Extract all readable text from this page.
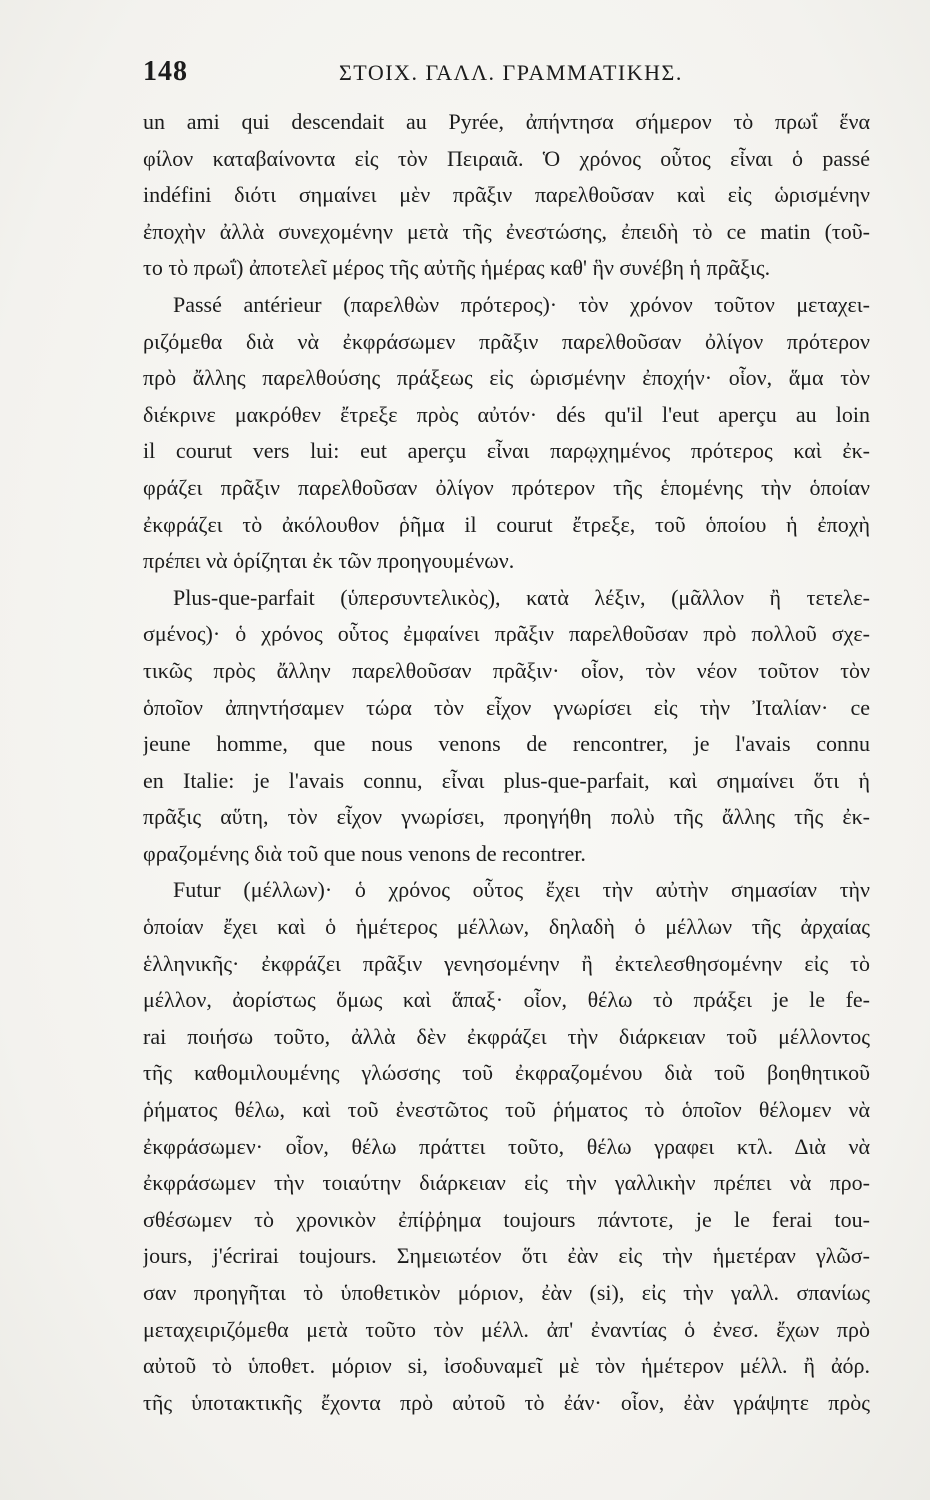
148	ΣΤΟΙΧ. ΓΑΛΛ. ΓΡΑΜΜΑΤΙΚΗΣ.
un ami qui descendait au Pyrée, ἀπήντησα σήμερον τὸ πρωΐ ἕνα
φίλον καταβαίνοντα εἰς τὸν Πειραιᾶ. Ὁ χρόνος οὗτος εἶναι ὁ passé
indéfini διότι σημαίνει μὲν πρᾶξιν παρελθοῦσαν καὶ εἰς ὡρισμένην
ἐποχὴν ἀλλὰ συνεχομένην μετὰ τῆς ἐνεστώσης, ἐπειδὴ τὸ ce matin (τοῦ-
το τὸ πρωΐ) ἀποτελεῖ μέρος τῆς αὐτῆς ἡμέρας καθ' ἣν συνέβη ἡ πρᾶξις.
Passé antérieur (παρελθὼν πρότερος)· τὸν χρόνον τοῦτον μεταχει-
ριζόμεθα διὰ νὰ ἐκφράσωμεν πρᾶξιν παρελθοῦσαν ὀλίγον πρότερον
πρὸ ἄλλης παρελθούσης πράξεως εἰς ὡρισμένην ἐποχήν· οἷον, ἅμα τὸν
διέκρινε μακρόθεν ἔτρεξε πρὸς αὐτόν· dés qu'il l'eut aperçu au loin
il courut vers lui: eut aperçu εἶναι παρῳχημένος πρότερος καὶ ἐκ-
φράζει πρᾶξιν παρελθοῦσαν ὀλίγον πρότερον τῆς ἑπομένης τὴν ὁποίαν
ἐκφράζει τὸ ἀκόλουθον ῥῆμα il courut ἔτρεξε, τοῦ ὁποίου ἡ ἐποχὴ
πρέπει νὰ ὁρίζηται ἐκ τῶν προηγουμένων.
Plus-que-parfait (ὑπερσυντελικὸς), κατὰ λέξιν, (μᾶλλον ἢ τετελε-
σμένος)· ὁ χρόνος οὗτος ἐμφαίνει πρᾶξιν παρελθοῦσαν πρὸ πολλοῦ σχε-
τικῶς πρὸς ἄλλην παρελθοῦσαν πρᾶξιν· οἷον, τὸν νέον τοῦτον τὸν
ὁποῖον ἀπηντήσαμεν τώρα τὸν εἶχον γνωρίσει εἰς τὴν Ἰταλίαν· ce
jeune homme, que nous venons de rencontrer, je l'avais connu
en Italie: je l'avais connu, εἶναι plus-que-parfait, καὶ σημαίνει ὅτι ἡ
πρᾶξις αὕτη, τὸν εἶχον γνωρίσει, προηγήθη πολὺ τῆς ἄλλης τῆς ἐκ-
φραζομένης διὰ τοῦ que nous venons de recontrer.
Futur (μέλλων)· ὁ χρόνος οὗτος ἔχει τὴν αὐτὴν σημασίαν τὴν
ὁποίαν ἔχει καὶ ὁ ἡμέτερος μέλλων, δηλαδὴ ὁ μέλλων τῆς ἀρχαίας
ἑλληνικῆς· ἐκφράζει πρᾶξιν γενησομένην ἢ ἐκτελεσθησομένην εἰς τὸ
μέλλον, ἀορίστως ὅμως καὶ ἅπαξ· οἷον, θέλω τὸ πράξει je le fe-
rai ποιήσω τοῦτο, ἀλλὰ δὲν ἐκφράζει τὴν διάρκειαν τοῦ μέλλοντος
τῆς καθομιλουμένης γλώσσης τοῦ ἐκφραζομένου διὰ τοῦ βοηθητικοῦ
ῥήματος θέλω, καὶ τοῦ ἐνεστῶτος τοῦ ῥήματος τὸ ὁποῖον θέλομεν νὰ
ἐκφράσωμεν· οἷον, θέλω πράττει τοῦτο, θέλω γραφει κτλ. Διὰ νὰ
ἐκφράσωμεν τὴν τοιαύτην διάρκειαν εἰς τὴν γαλλικὴν πρέπει νὰ προ-
σθέσωμεν τὸ χρονικὸν ἐπίῤῥημα toujours πάντοτε, je le ferai tou-
jours, j'écrirai toujours. Σημειωτέον ὅτι ἐὰν εἰς τὴν ἡμετέραν γλῶσ-
σαν προηγῆται τὸ ὑποθετικὸν μόριον, ἐὰν (si), εἰς τὴν γαλλ. σπανίως
μεταχειριζόμεθα μετὰ τοῦτο τὸν μέλλ. ἀπ' ἐναντίας ὁ ἐνεσ. ἔχων πρὸ
αὐτοῦ τὸ ὑποθετ. μόριον si, ἰσοδυναμεῖ μὲ τὸν ἡμέτερον μέλλ. ἢ ἀόρ.
τῆς ὑποτακτικῆς ἔχοντα πρὸ αὐτοῦ τὸ ἐάν· οἷον, ἐὰν γράψητε πρὸς
